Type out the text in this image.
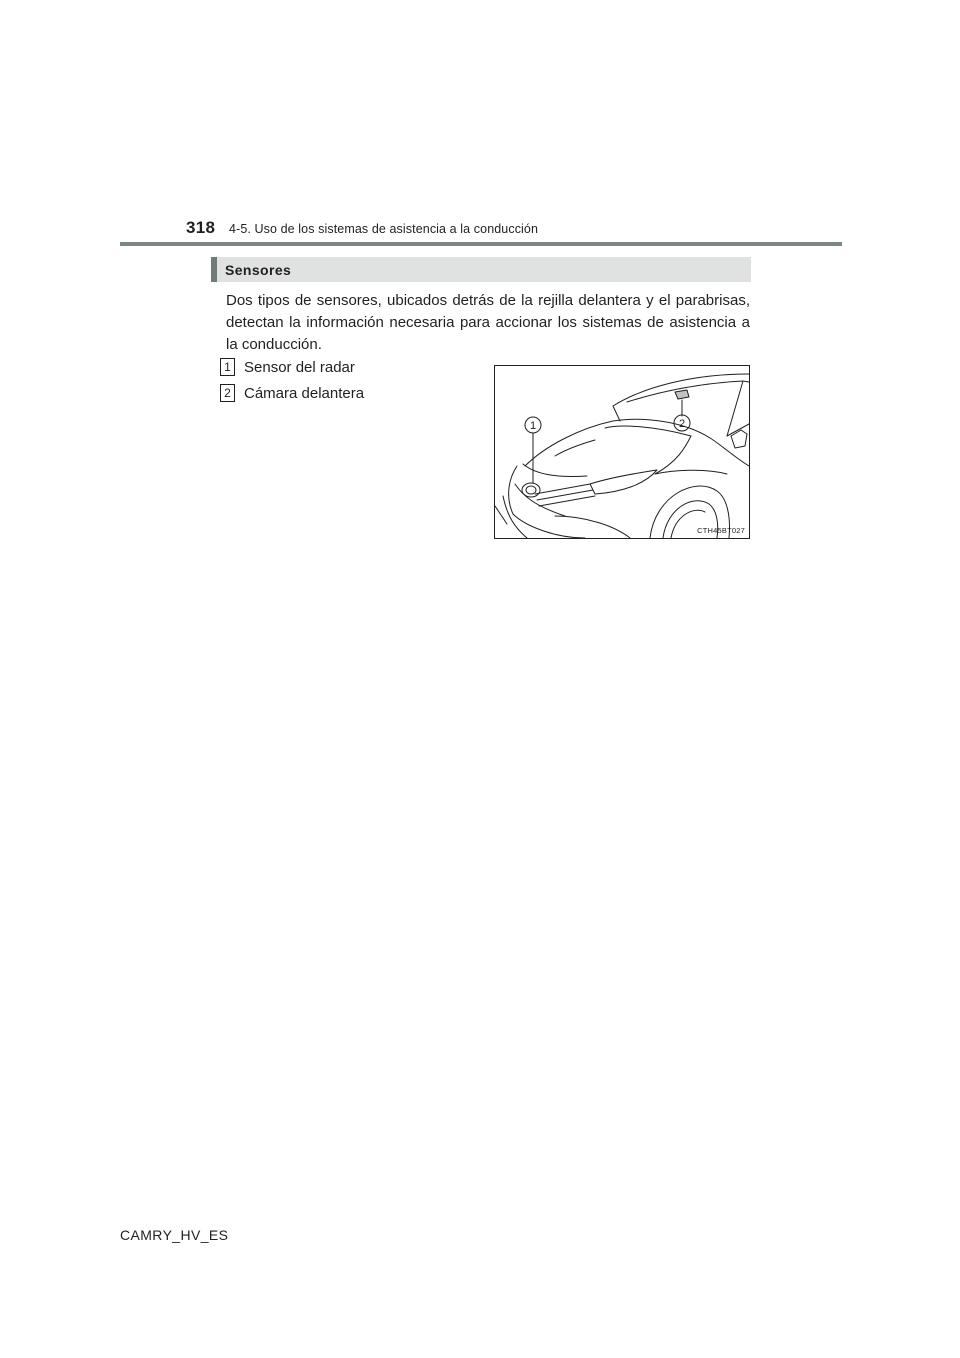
318 4-5. Uso de los sistemas de asistencia a la conducción
Sensores

Dos tipos de sensores, ubicados detrás de la rejilla delantera y el parabrisas, detectan la información necesaria para accionar los sistemas de asistencia a la conducción.

1 Sensor del radar
2 Cámara delantera
1	2
CTH45BT027
CAMRY_HV_ES
